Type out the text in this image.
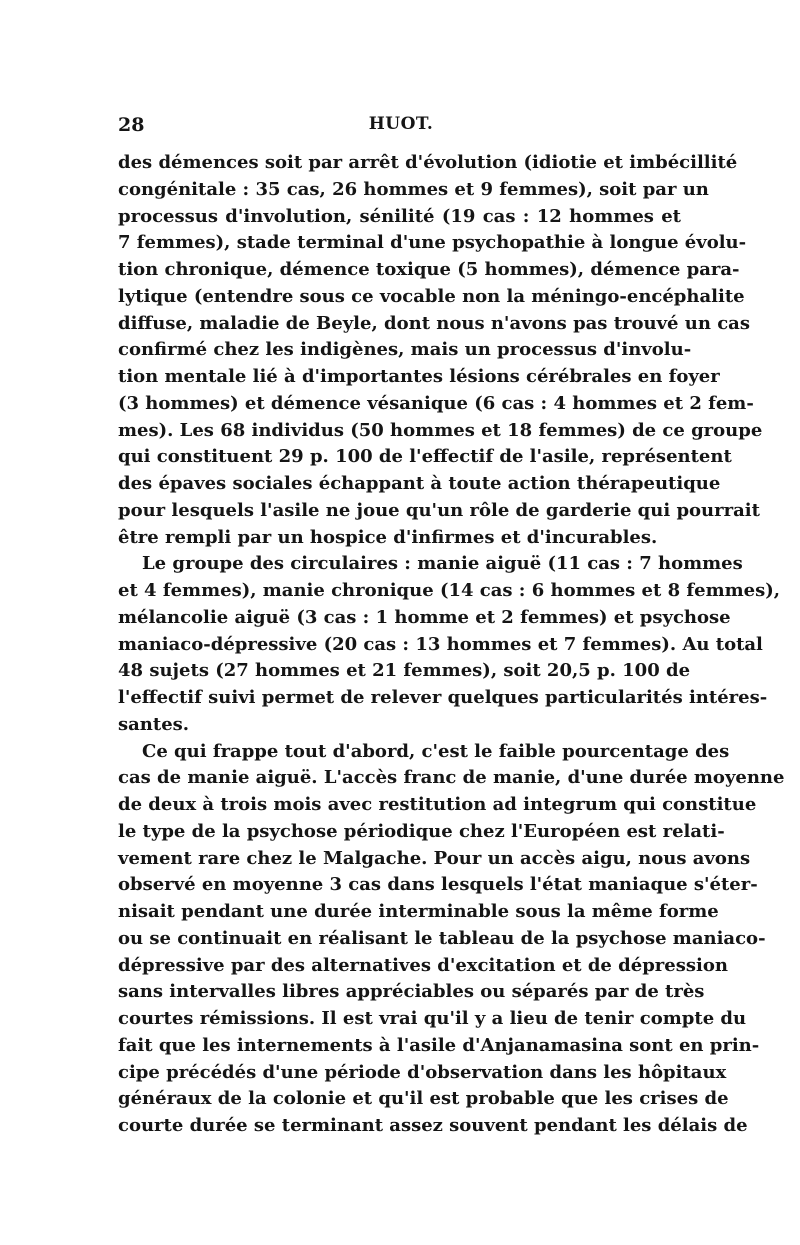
28	HUOT.
des démences soit par arrêt d'évolution (idiotie et imbécillité
congénitale : 35 cas, 26 hommes et 9 femmes), soit par un
processus d'involution, sénilité (19 cas : 12 hommes et
7 femmes), stade terminal d'une psychopathie à longue évolu-
tion chronique, démence toxique (5 hommes), démence para-
lytique (entendre sous ce vocable non la méningo-encéphalite
diffuse, maladie de Beyle, dont nous n'avons pas trouvé un cas
confirmé chez les indigènes, mais un processus d'involu-
tion mentale lié à d'importantes lésions cérébrales en foyer
(3 hommes) et démence vésanique (6 cas : 4 hommes et 2 fem-
mes). Les 68 individus (50 hommes et 18 femmes) de ce groupe
qui constituent 29 p. 100 de l'effectif de l'asile, représentent
des épaves sociales échappant à toute action thérapeutique
pour lesquels l'asile ne joue qu'un rôle de garderie qui pourrait
être rempli par un hospice d'infirmes et d'incurables.
Le groupe des circulaires : manie aiguë (11 cas : 7 hommes
et 4 femmes), manie chronique (14 cas : 6 hommes et 8 femmes),
mélancolie aiguë (3 cas : 1 homme et 2 femmes) et psychose
maniaco-dépressive (20 cas : 13 hommes et 7 femmes). Au total
48 sujets (27 hommes et 21 femmes), soit 20,5 p. 100 de
l'effectif suivi permet de relever quelques particularités intéres-
santes.
Ce qui frappe tout d'abord, c'est le faible pourcentage des
cas de manie aiguë. L'accès franc de manie, d'une durée moyenne
de deux à trois mois avec restitution ad integrum qui constitue
le type de la psychose périodique chez l'Européen est relati-
vement rare chez le Malgache. Pour un accès aigu, nous avons
observé en moyenne 3 cas dans lesquels l'état maniaque s'éter-
nisait pendant une durée interminable sous la même forme
ou se continuait en réalisant le tableau de la psychose maniaco-
dépressive par des alternatives d'excitation et de dépression
sans intervalles libres appréciables ou séparés par de très
courtes rémissions. Il est vrai qu'il y a lieu de tenir compte du
fait que les internements à l'asile d'Anjanamasina sont en prin-
cipe précédés d'une période d'observation dans les hôpitaux
généraux de la colonie et qu'il est probable que les crises de
courte durée se terminant assez souvent pendant les délais de
